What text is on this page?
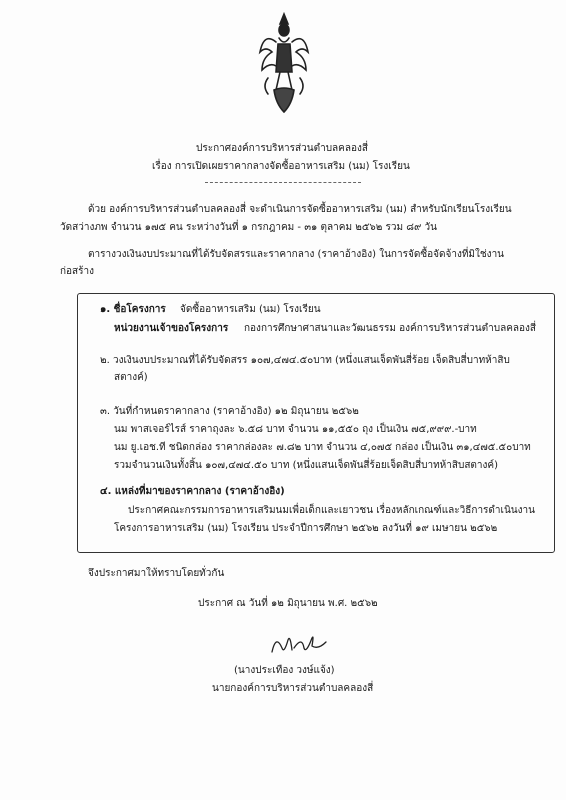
ประกาศองค์การบริหารส่วนตำบลคลองสี่
เรื่อง การเปิดเผยราคากลางจัดซื้ออาหารเสริม (นม) โรงเรียน
ด้วย องค์การบริหารส่วนตำบลคลองสี่ จะดำเนินการจัดซื้ออาหารเสริม (นม) สำหรับนักเรียนโรงเรียน
วัดสว่างภพ จำนวน ๑๗๕ คน ระหว่างวันที่ ๑ กรกฎาคม - ๓๑ ตุลาคม ๒๕๖๒ รวม ๘๙ วัน
ตารางวงเงินงบประมาณที่ได้รับจัดสรรและราคากลาง (ราคาอ้างอิง) ในการจัดซื้อจัดจ้างที่มิใช่งาน
ก่อสร้าง
๑. ชื่อโครงการ จัดซื้ออาหารเสริม (นม) โรงเรียน
หน่วยงานเจ้าของโครงการ กองการศึกษาศาสนาและวัฒนธรรม องค์การบริหารส่วนตำบลคลองสี่
๒. วงเงินงบประมาณที่ได้รับจัดสรร ๑๐๗,๔๗๔.๕๐บาท (หนึ่งแสนเจ็ดพันสี่ร้อย เจ็ดสิบสี่บาทห้าสิบ
สตางค์)
๓. วันที่กำหนดราคากลาง (ราคาอ้างอิง) ๑๒ มิถุนายน ๒๕๖๒
นม พาสเจอร์ไรส์ ราคาถุงละ ๖.๕๘ บาท จำนวน ๑๑,๕๕๐ ถุง เป็นเงิน ๗๕,๙๙๙.-บาท
นม ยู.เอช.ที ชนิดกล่อง ราคากล่องละ ๗.๘๒ บาท จำนวน ๔,๐๗๕ กล่อง เป็นเงิน ๓๑,๔๗๕.๕๐บาท
รวมจำนวนเงินทั้งสิ้น ๑๐๗,๔๗๔.๕๐ บาท (หนึ่งแสนเจ็ดพันสี่ร้อยเจ็ดสิบสี่บาทห้าสิบสตางค์)
๔. แหล่งที่มาของราคากลาง (ราคาอ้างอิง)
ประกาศคณะกรรมการอาหารเสริมนมเพื่อเด็กและเยาวชน เรื่องหลักเกณฑ์และวิธีการดำเนินงาน
โครงการอาหารเสริม (นม) โรงเรียน ประจำปีการศึกษา ๒๕๖๒ ลงวันที่ ๑๙ เมษายน ๒๕๖๒
จึงประกาศมาให้ทราบโดยทั่วกัน
ประกาศ ณ วันที่ ๑๒ มิถุนายน พ.ศ. ๒๕๖๒
(นางประเทือง วงษ์แจ้ง)
นายกองค์การบริหารส่วนตำบลคลองสี่
